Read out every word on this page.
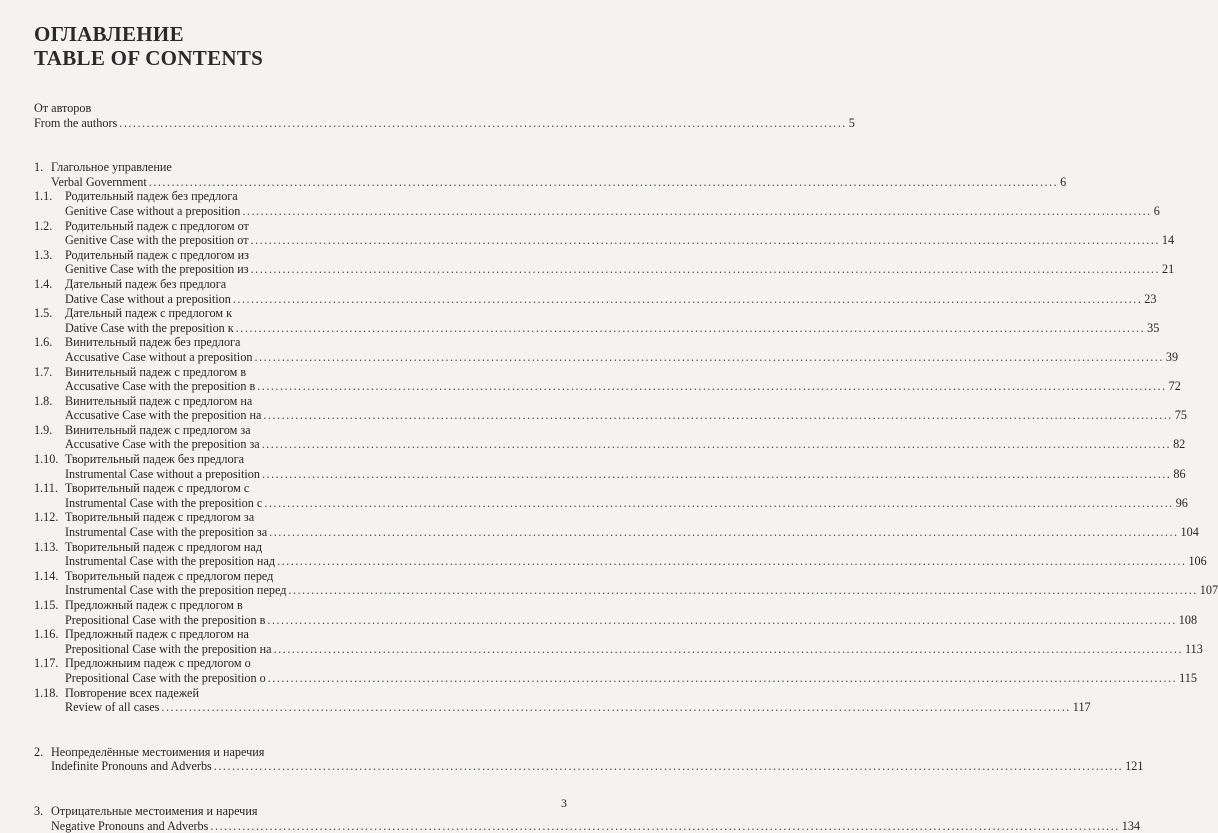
ОГЛАВЛЕНИЕ
TABLE OF CONTENTS
От авторов
From the authors ................................................................................................................................................................ 5
1. Глагольное управление
Verbal Government ........................................................................................................................................................................................................ 6
1.1. Родительный падеж без предлога
Genitive Case without a preposition ........................................................................................................................................................................................................ 6
1.2. Родительный падеж с предлогом от
Genitive Case with the preposition от ........................................................................................................................................................................................................ 14
1.3. Родительный падеж с предлогом из
Genitive Case with the preposition из ........................................................................................................................................................................................................ 21
1.4. Дательный падеж без предлога
Dative Case without a preposition ........................................................................................................................................................................................................ 23
1.5. Дательный падеж с предлогом к
Dative Case with the preposition к ........................................................................................................................................................................................................ 35
1.6. Винительный падеж без предлога
Accusative Case without a preposition ........................................................................................................................................................................................................ 39
1.7. Винительный падеж с предлогом в
Accusative Case with the preposition в ........................................................................................................................................................................................................ 72
1.8. Винительный падеж с предлогом на
Accusative Case with the preposition на ........................................................................................................................................................................................................ 75
1.9. Винительный падеж с предлогом за
Accusative Case with the preposition за ........................................................................................................................................................................................................ 82
1.10. Творительный падеж без предлога
Instrumental Case without a preposition ........................................................................................................................................................................................................ 86
1.11. Творительный падеж с предлогом с
Instrumental Case with the preposition с ........................................................................................................................................................................................................ 96
1.12. Творительный падеж с предлогом за
Instrumental Case with the preposition за ........................................................................................................................................................................................................ 104
1.13. Творительный падеж с предлогом над
Instrumental Case with the preposition над ........................................................................................................................................................................................................ 106
1.14. Творительный падеж с предлогом перед
Instrumental Case with the preposition перед ........................................................................................................................................................................................................ 107
1.15. Предложный падеж с предлогом в
Prepositional Case with the preposition в ........................................................................................................................................................................................................ 108
1.16. Предложный падеж с предлогом на
Prepositional Case with the preposition на ........................................................................................................................................................................................................ 113
1.17. Предложныим падеж с предлогом о
Prepositional Case with the preposition о ........................................................................................................................................................................................................ 115
1.18. Повторение всех падежей
Review of all cases ........................................................................................................................................................................................................ 117
2. Неопределённые местоимения и наречия
Indefinite Pronouns and Adverbs ........................................................................................................................................................................................................ 121
3. Отрицательные местоимения и наречия
Negative Pronouns and Adverbs ........................................................................................................................................................................................................ 134
3
